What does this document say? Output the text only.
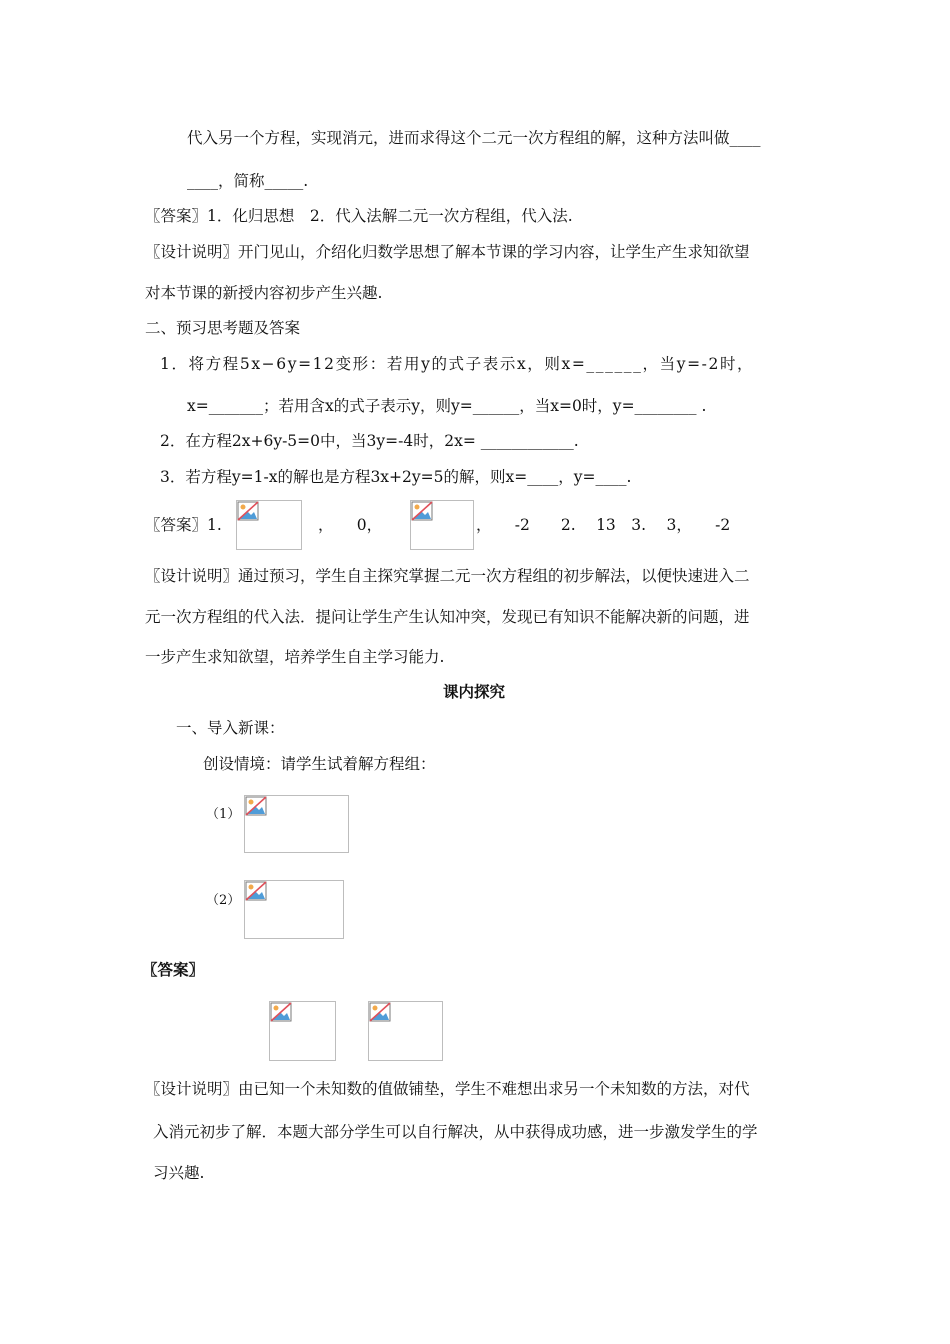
代入另一个方程，实现消元，进而求得这个二元一次方程组的解，这种方法叫做____
____，简称_____.
〖答案〗1．化归思想　2．代入法解二元一次方程组，代入法.
〖设计说明〗开门见山，介绍化归数学思想了解本节课的学习内容，让学生产生求知欲望
对本节课的新授内容初步产生兴趣.
二、预习思考题及答案
1．将方程5x−6y=12变形：若用y的式子表示x，则x=______，当y=-2时，
x=_______；若用含x的式子表示y，则y=______，当x=0时，y=________ .
2．在方程2x+6y-5=0中，当3y=-4时，2x= ____________.
3．若方程y=1-x的解也是方程3x+2y=5的解，则x=____，y=____.
〖答案〗1.	，　　0，	，　　-2　　2.　 13　3.　 3，　　-2
〖设计说明〗通过预习，学生自主探究掌握二元一次方程组的初步解法，以便快速进入二
元一次方程组的代入法．提问让学生产生认知冲突，发现已有知识不能解决新的问题，进
一步产生求知欲望，培养学生自主学习能力.
课内探究
一、导入新课：
创设情境：请学生试着解方程组：
（1）
（2）
〖答案〗
〖设计说明〗由已知一个未知数的值做铺垫，学生不难想出求另一个未知数的方法，对代
入消元初步了解．本题大部分学生可以自行解决，从中获得成功感，进一步激发学生的学
习兴趣.
